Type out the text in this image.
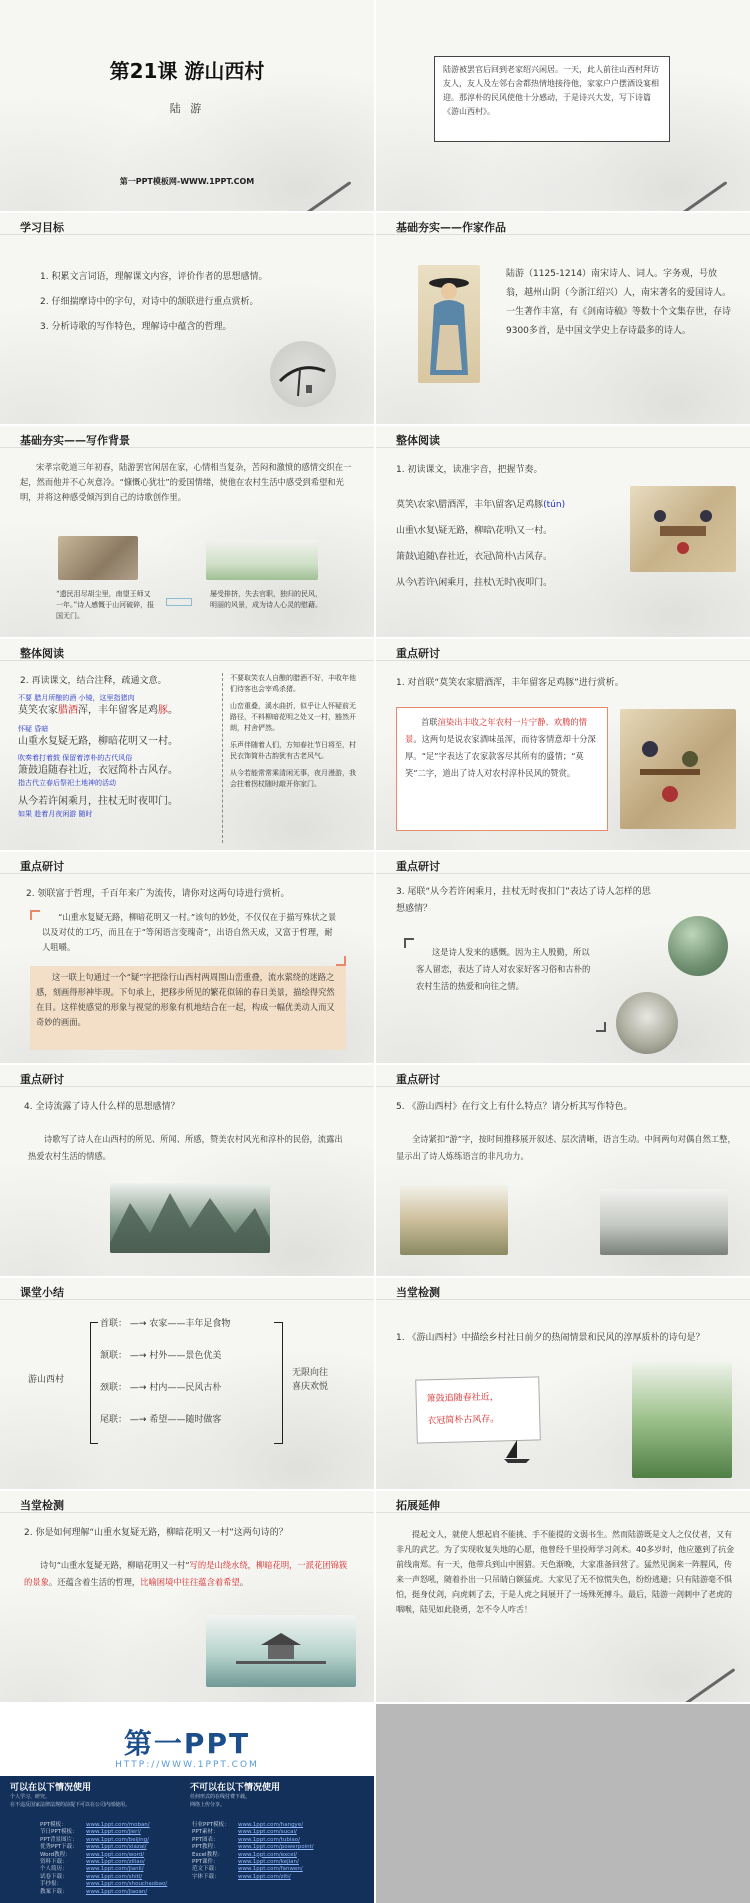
第21课 游山西村
陆 游
第一PPT模板网-WWW.1PPT.COM
陆游被罢官后回到老家绍兴闲居。一天，此人前往山西村拜访友人，友人及左邻右舍都热情地接待他，家家户户摆酒设宴相迎。那淳朴的民风使他十分感动，于是诗兴大发，写下诗篇《游山西村》。
学习目标
1. 积累文言词语，理解课文内容，评价作者的思想感情。
2. 仔细揣摩诗中的字句，对诗中的颔联进行重点赏析。
3. 分析诗歌的写作特色，理解诗中蕴含的哲理。
基础夯实——作家作品
陆游（1125-1214）南宋诗人、词人。字务观，号放翁，越州山阴（今浙江绍兴）人，南宋著名的爱国诗人。一生著作丰富，有《剑南诗稿》等数十个文集存世，存诗9300多首，是中国文学史上存诗最多的诗人。
基础夯实——写作背景
宋孝宗乾道三年初春，陆游罢官闲居在家，心情相当复杂，苦闷和激愤的感情交织在一起，然而他并不心灰意冷。“慷慨心犹壮”的爱国情绪，使他在农村生活中感受到希望和光明，并将这种感受倾泻到自己的诗歌创作里。
“遗民泪尽胡尘里，南望王师又一年。”诗人感慨于山河破碎，报国无门。
屡受排挤，失去官职，独归的民风，明丽的风景，成为诗人心灵的慰藉。
整体阅读
1. 初读课文，读准字音，把握节奏。
莫笑\农家\腊酒浑，丰年\留客\足鸡豚(tún)
山重\水复\疑无路，柳暗\花明\又一村。
箫鼓\追随\春社近，衣冠\简朴\古风存。
从今\若许\闲乘月，拄杖\无时\夜叩门。
整体阅读
2. 再读课文，结合注释，疏通文意。
不要 腊月所酿的酒 小镜，这里指猪肉
莫笑农家腊酒浑，丰年留客足鸡豚。
怀疑 昏暗
山重水复疑无路，柳暗花明又一村。
吹奏着打着鼓 保留着淳朴的古代风俗
箫鼓追随春社近，衣冠简朴古风存。
指古代立春后祭祀土地神的活动
从今若许闲乘月，拄杖无时夜叩门。
如果 趁着月夜闲游 随时
不要取笑农人自酿的腊酒不好，丰收年他们待客也会宰鸡杀猪。
山峦重叠，溪水曲折，似乎让人怀疑前无路径，不料柳暗花明之处又一村，豁然开朗，村舍俨然。
乐声伴随着人们，方知春社节日将至，村民衣饰简朴古韵犹有古老风气。
从今若能常常乘清闲无事，夜月漫游，我会拄着拐杖随时敲开你家门。
重点研讨
1. 对首联“莫笑农家腊酒浑，丰年留客足鸡豚”进行赏析。
首联渲染出丰收之年农村一片宁静、欢腾的情景。这两句是说农家酒味虽浑，而待客情意却十分深厚。“足”字表达了农家款客尽其所有的盛情；“莫笑”二字，道出了诗人对农村淳朴民风的赞赏。
重点研讨
2. 领联富于哲理，千百年来广为流传，请你对这两句诗进行赏析。
“山重水复疑无路，柳暗花明又一村。”该句的妙处，不仅仅在于描写殊状之景以及对仗的工巧，而且在于“等闲语言变瑰奇”，出语自然天成，又富于哲理，耐人咀嚼。
这一联上句通过一个“疑”字把徐行山西村两周围山峦重叠，流水萦绕的迷路之感，刻画得形神毕现。下句承上，把移步所见的繁花似锦的春日美景，描绘得究然在目。这样使感觉的形象与视觉的形象有机地结合在一起，构成一幅优美动人而又奇妙的画面。
重点研讨
3. 尾联“从今若许闲乘月，拄杖无时夜扣门”表达了诗人怎样的思想感情？
这是诗人发来的感慨。因为主人殷勤，所以客人留恋，表达了诗人对农家好客习俗和古朴的农村生活的热爱和向往之情。
重点研讨
4. 全诗流露了诗人什么样的思想感情？
诗歌写了诗人在山西村的所见、所闻、所感，赞美农村风光和淳朴的民俗，流露出热爱农村生活的情感。
重点研讨
5. 《游山西村》在行文上有什么特点？请分析其写作特色。
全诗紧扣“游”字，按时间推移展开叙述、层次清晰，语言生动。中间两句对偶自然工整，显示出了诗人炼练语言的非凡功力。
课堂小结
游山西村
首联： —→ 农家——丰年足食物
颔联： —→ 村外——景色优美
颈联： —→ 村内——民风古朴
尾联： —→ 希望——随时做客
无限向往
喜庆欢悦
当堂检测
1. 《游山西村》中描绘乡村社日前夕的热闹情景和民风的淳厚质朴的诗句是？
箫鼓追随春社近，
衣冠简朴古风存。
当堂检测
2. 你是如何理解“山重水复疑无路，柳暗花明又一村”这两句诗的？
诗句“山重水复疑无路，柳暗花明又一村”写的是山绕水绕，柳暗花明，一派花团锦簇的景象。还蕴含着生活的哲理，比喻困境中往往蕴含着希望。
拓展延伸
提起文人，就使人想起肩不能挑、手不能提的文弱书生。然而陆游既是文人之仪仗者，又有非凡的武艺。为了实现收复失地的心愿，他曾经千里投师学习剑术。40多岁时，他应邀到了抗金前线南郑。有一天，他带兵到山中围猎。天色渐晚，大家准备回营了。猛然见涧来一阵腥风，传来一声怒吼，随着扑出一只吊睛白额猛虎。大家见了无不惊慌失色，纷纷逃避；只有陆游毫不惧怕，挺身仗剑，向虎刺了去，于是人虎之间展开了一场殊死搏斗。最后，陆游一剑刺中了老虎的咽喉，陆见如此骁勇，怎不令人咋舌！
第一PPT
HTTP://WWW.1PPT.COM
可以在以下情况使用
个人学习、研究。
在不违反国家法律法规的前提下可以在公司内部使用。
不可以在以下情况使用
任何形式的在线付费下载。
网络上传分享。
PPT模板：	www.1ppt.com/moban/
节日PPT模板： www.1ppt.com/jieri/
PPT背景图片： www.1ppt.com/beijing/
优秀PPT下载： www.1ppt.com/xiazai/
Word教程：	www.1ppt.com/word/
资料下载：	www.1ppt.com/ziliao/
个人简历：	www.1ppt.com/jianli/
试卷下载：	www.1ppt.com/shiti/
手抄报：	www.1ppt.com/shouchaobao/
教案下载：	www.1ppt.com/jiaoan/
行业PPT模板： www.1ppt.com/hangye/
PPT素材：	www.1ppt.com/sucai/
PPT图表：	www.1ppt.com/tubiao/
PPT教程：	www.1ppt.com/powerpoint/
Excel教程：	www.1ppt.com/excel/
PPT课件：	www.1ppt.com/kejian/
范文下载：	www.1ppt.com/fanwen/
字体下载：	www.1ppt.com/ziti/
